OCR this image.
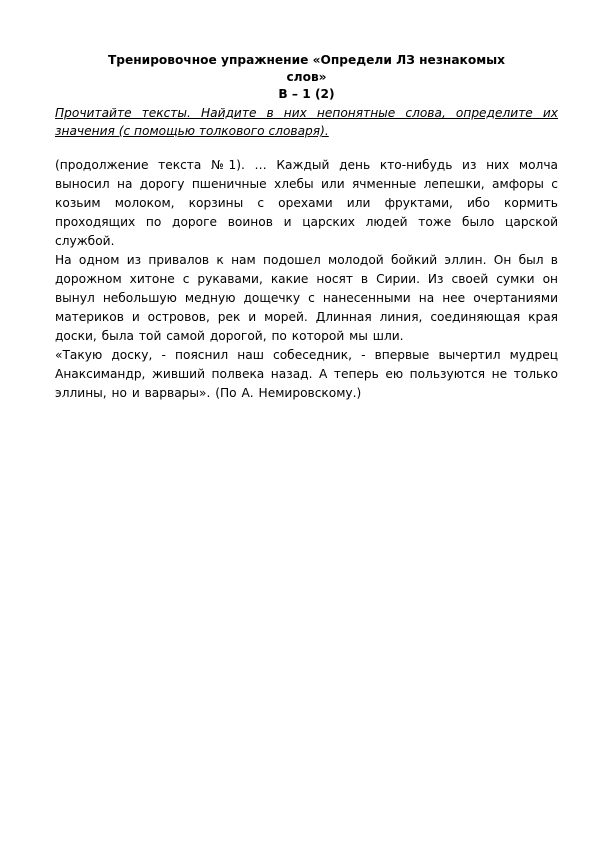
Тренировочное упражнение «Определи ЛЗ незнакомых слов»

В – 1 (2)

Прочитайте тексты. Найдите в них непонятные слова, определите их значения (с помощью толкового словаря).

(продолжение текста №1). … Каждый день кто-нибудь из них молча выносил на дорогу пшеничные хлебы или ячменные лепешки, амфоры с козьим молоком, корзины с орехами или фруктами, ибо кормить проходящих по дороге воинов и царских людей тоже было царской службой.

На одном из привалов к нам подошел молодой бойкий эллин. Он был в дорожном хитоне с рукавами, какие носят в Сирии. Из своей сумки он вынул небольшую медную дощечку с нанесенными на нее очертаниями материков и островов, рек и морей. Длинная линия, соединяющая края доски, была той самой дорогой, по которой мы шли.

«Такую доску, - пояснил наш собеседник, - впервые вычертил мудрец Анаксимандр, живший полвека назад. А теперь ею пользуются не только эллины, но и варвары». (По А. Немировскому.)
